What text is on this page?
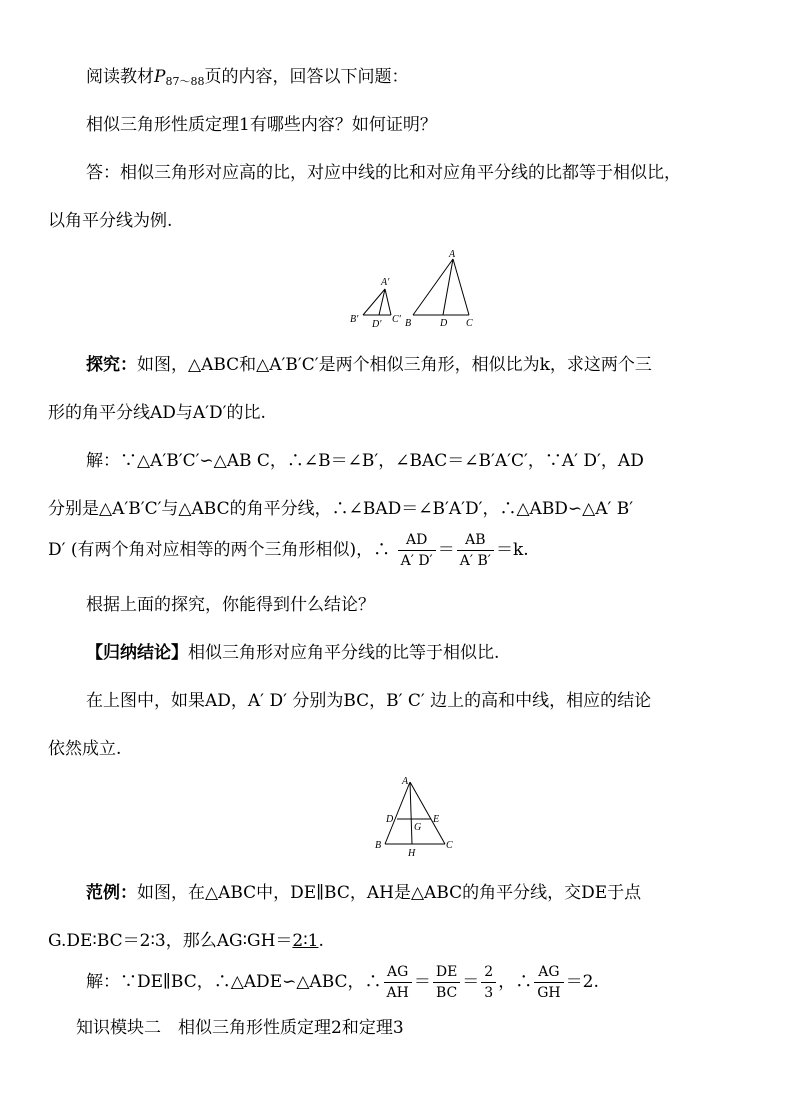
阅读教材$P_{87\sim 88}$页的内容，回答以下问题：
相似三角形性质定理1有哪些内容？如何证明？
答：相似三角形对应高的比，对应中线的比和对应角平分线的比都等于相似比，
以角平分线为例.
A′
B′ D′ C′
A
B	D C
探究：如图，△ABC和△A′B′C′是两个相似三角形，相似比为k，求这两个三
形的角平分线AD与A′D′的比.
解：∵△A′B′C′∽△AB C，∴∠B＝∠B′，∠BAC＝∠B′A′C′，∵A′ D′，AD
分别是△A′B′C′与△ABC的角平分线，∴∠BAD＝∠B′A′D′，∴△ABD∽△A′ B′
D′ (有两个角对应相等的两个三角形相似)，∴ $\frac{AD}{A' D'} = \frac{AB}{A' B'} =k$.
根据上面的探究，你能得到什么结论？
【归纳结论】相似三角形对应角平分线的比等于相似比.
在上图中，如果AD，A′ D′ 分别为BC，B′ C′ 边上的高和中线，相应的结论
依然成立.
A
D	E
G
B
H
C
范例：如图，在△ABC中，DE∥BC，AH是△ABC的角平分线，交DE于点
G.DE∶BC＝2∶3，那么AG∶GH＝2∶1.
解：∵DE∥BC，∴△ADE∽△ABC，∴ $\frac{AG}{AH} = \frac{DE}{BC} = \frac{2}{3}$ ，∴ $\frac{AG}{GH} =2$.
知识模块二　相似三角形性质定理2和定理3
